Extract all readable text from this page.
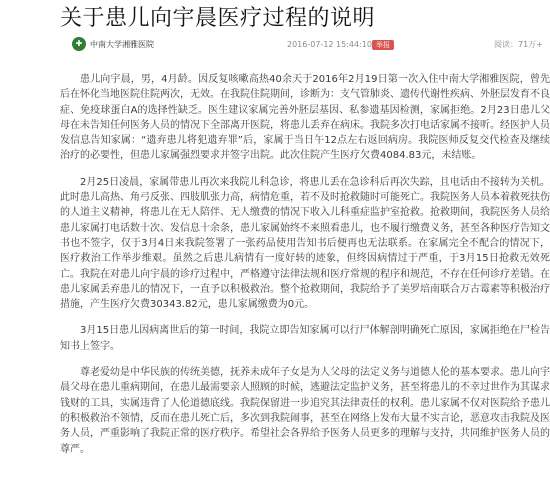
关于患儿向宇晨医疗过程的说明
✚ 中南大学湘雅医院	2016-07-12 15:44:10 举报	阅读：71万+

患儿向宇晨，男，4月龄。因反复咳嗽高热40余天于2016年2月19日第一次入住中南大学湘雅医院，曾先后在怀化当地医院住院两次，无效。在我院住院期间，诊断为：支气管肺炎、遗传代谢性疾病、外胚层发育不良症、免疫球蛋白A的选择性缺乏。医生建议家属完善外胚层基因、私参遗基因检测，家属拒绝。2月23日患儿父母在未告知任何医务人员的情况下全部离开医院，将患儿丢弃在病床。我院多次打电话家属不接听。经医护人员发信息告知家属：“遗弃患儿将犯遗弃罪”后，家属于当日午12点左右返回病房。我院医师反复交代检查及继续治疗的必要性，但患儿家属强烈要求并签字出院。此次住院产生医疗欠费4084.83元，未结账。

2月25日凌晨，家属带患儿再次来我院儿科急诊，将患儿丢在急诊科后再次失踪，且电话由不接转为关机。此时患儿高热、角弓反张、四肢肌张力高，病情危重，若不及时抢救随时可能死亡。我院医务人员本着救死扶伤的人道主义精神，将患儿在无人陪伴、无人缴费的情况下收入儿科重症监护室抢救。抢救期间，我院医务人员给患儿家属打电话数十次、发信息十余条，患儿家属始终不来照看患儿，也不履行缴费义务，甚至各种医疗告知文书也不签字，仅于3月4日来我院签署了一张药品使用告知书后便再也无法联系。在家属完全不配合的情况下，医疗救治工作举步维艰。虽然之后患儿病情有一度好转的迹象，但终因病情过于严重，于3月15日抢救无效死亡。我院在对患儿向宇晨的诊疗过程中，严格遵守法律法规和医疗常规的程序和规范，不存在任何诊疗差错。在患儿家属丢弃患儿的情况下，一直予以积极救治。整个抢救期间，我院给予了美罗培南联合万古霉素等积极治疗措施，产生医疗欠费30343.82元，患儿家属缴费为0元。

3月15日患儿因病离世后的第一时间，我院立即告知家属可以行尸体解剖明确死亡原因，家属拒绝在尸检告知书上签字。

尊老爱幼是中华民族的传统美德，抚养未成年子女是为人父母的法定义务与道德人伦的基本要求。患儿向宇晨父母在患儿重病期间，在患儿最需要亲人照顾的时候，逃避法定监护义务，甚至将患儿的不幸过世作为其谋求钱财的工具，实属违背了人伦道德底线。我院保留进一步追究其法律责任的权利。患儿家属不仅对医院给予患儿的积极救治不领情，反而在患儿死亡后，多次到我院闹事，甚至在网络上发布大量不实言论，恶意攻击我院及医务人员，严重影响了我院正常的医疗秩序。希望社会各界给予医务人员更多的理解与支持，共同维护医务人员的尊严。
